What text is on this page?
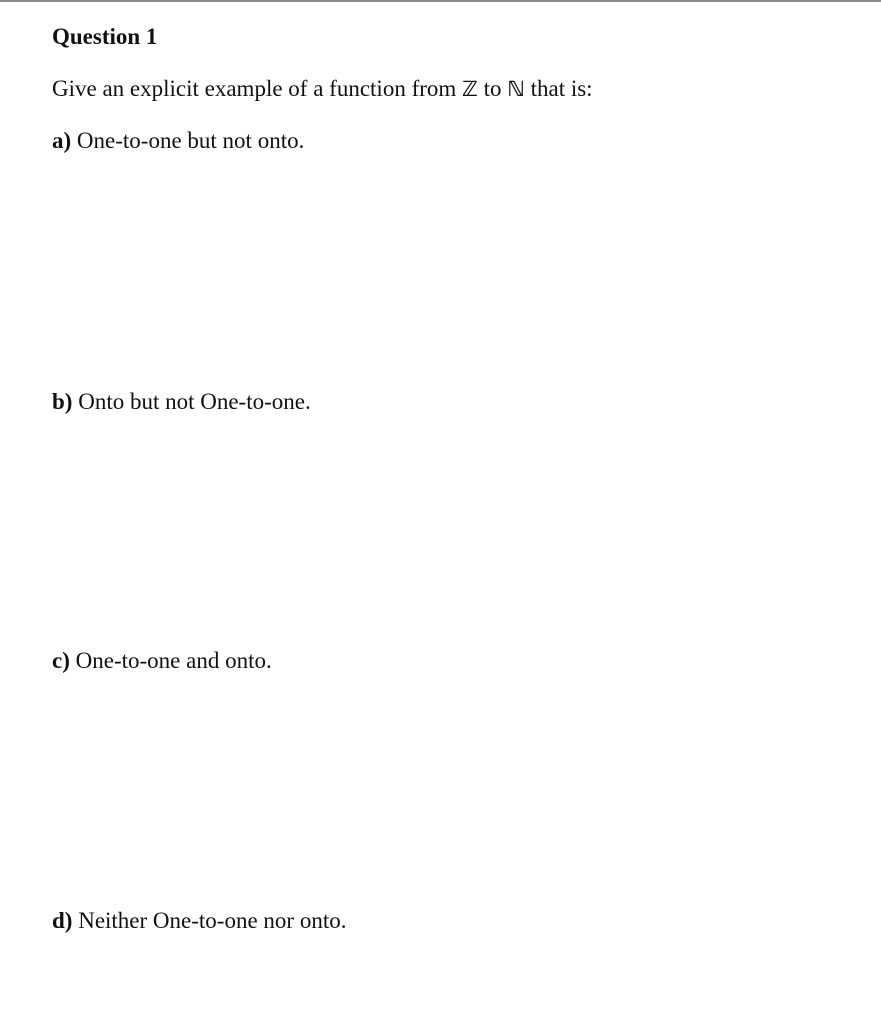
Question 1
Give an explicit example of a function from ℤ to ℕ that is:
a) One-to-one but not onto.
b) Onto but not One-to-one.
c) One-to-one and onto.
d) Neither One-to-one nor onto.
